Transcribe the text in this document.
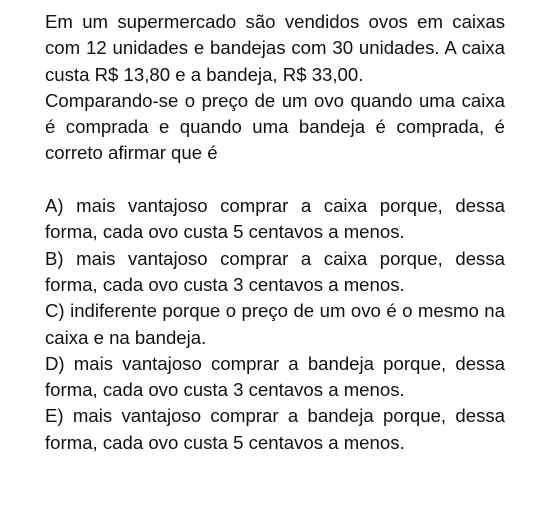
Em um supermercado são vendidos ovos em caixas com 12 unidades e bandejas com 30 unidades. A caixa custa R$ 13,80 e a bandeja, R$ 33,00.

Comparando-se o preço de um ovo quando uma caixa é comprada e quando uma bandeja é comprada, é correto afirmar que é

A) mais vantajoso comprar a caixa porque, dessa forma, cada ovo custa 5 centavos a menos.

B) mais vantajoso comprar a caixa porque, dessa forma, cada ovo custa 3 centavos a menos.

C) indiferente porque o preço de um ovo é o mesmo na caixa e na bandeja.

D) mais vantajoso comprar a bandeja porque, dessa forma, cada ovo custa 3 centavos a menos.

E) mais vantajoso comprar a bandeja porque, dessa forma, cada ovo custa 5 centavos a menos.
